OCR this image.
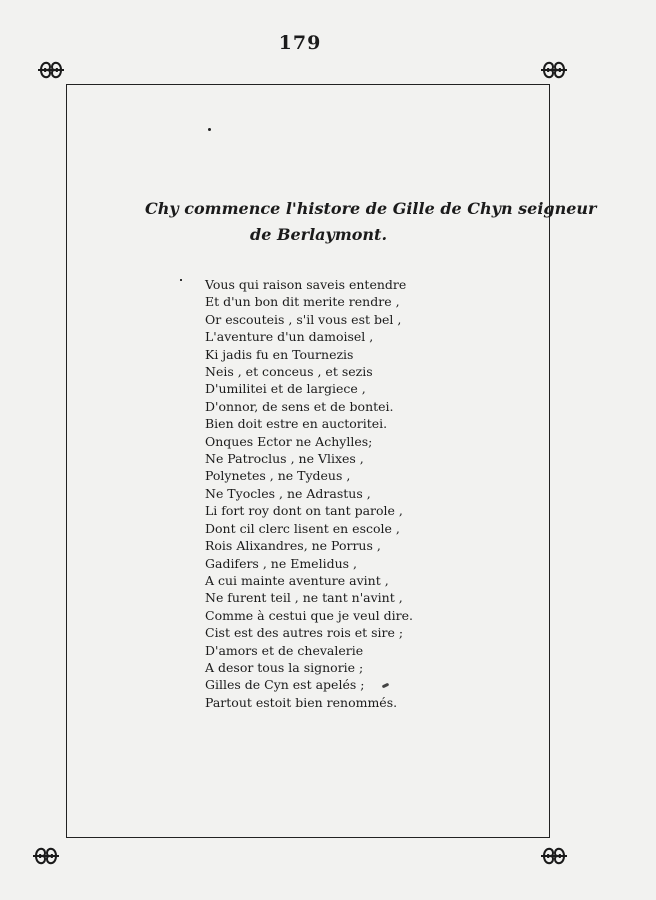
179
Chy commence l'histore de Gille de Chyn seigneur
de Berlaymont.
Vous qui raison saveis entendre
Et d'un bon dit merite rendre ,
Or escouteis , s'il vous est bel ,
L'aventure d'un damoisel ,
Ki jadis fu en Tournezis
Neis , et conceus , et sezis
D'umilitei et de largiece ,
D'onnor, de sens et de bontei.
Bien doit estre en auctoritei.
Onques Ector ne Achylles;
Ne Patroclus , ne Vlixes ,
Polynetes , ne Tydeus ,
Ne Tyocles , ne Adrastus ,
Li fort roy dont on tant parole ,
Dont cil clerc lisent en escole ,
Rois Alixandres, ne Porrus ,
Gadifers , ne Emelidus ,
A cui mainte aventure avint ,
Ne furent teil , ne tant n'avint ,
Comme à cestui que je veul dire.
Cist est des autres rois et sire ;
D'amors et de chevalerie
A desor tous la signorie ;
Gilles de Cyn est apelés ;
Partout estoit bien renommés.
